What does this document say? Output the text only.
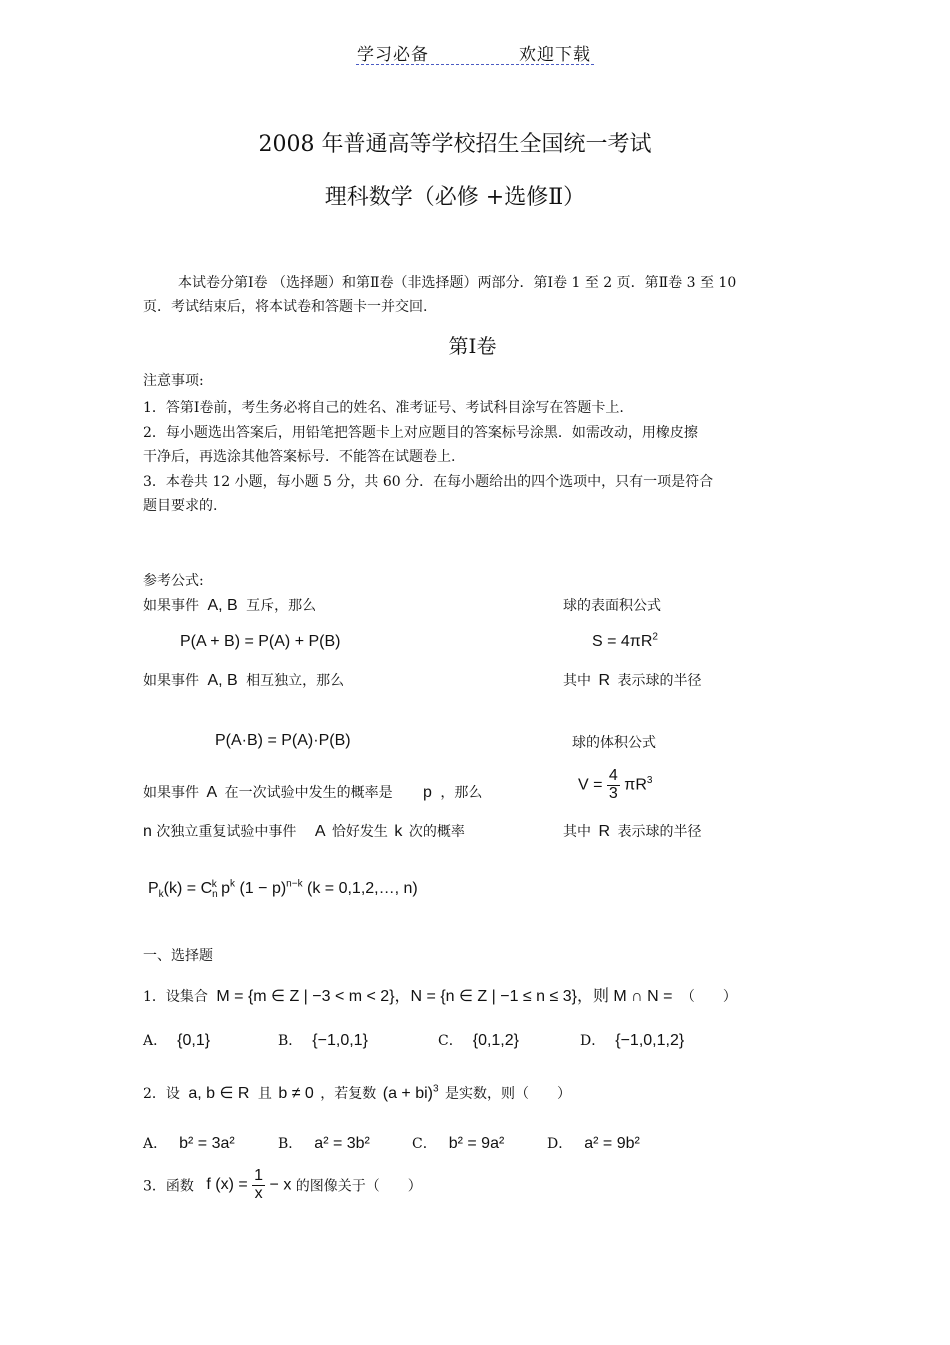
学习必备	欢迎下载
2008 年普通高等学校招生全国统一考试
理科数学（必修 +选修Ⅱ）
本试卷分第Ⅰ卷 （选择题）和第Ⅱ卷（非选择题）两部分．第Ⅰ卷 1 至 2 页．第Ⅱ卷 3 至 10
页．考试结束后，将本试卷和答题卡一并交回.
第Ⅰ卷
注意事项:
1．答第Ⅰ卷前，考生务必将自己的姓名、准考证号、考试科目涂写在答题卡上.
2．每小题选出答案后，用铅笔把答题卡上对应题目的答案标号涂黑．如需改动，用橡皮擦
干净后，再选涂其他答案标号．不能答在试题卷上.
3．本卷共 12 小题，每小题 5 分，共 60 分．在每小题给出的四个选项中，只有一项是符合
题目要求的.
参考公式:
如果事件 A, B 互斥，那么	球的表面积公式
P(A + B) = P(A) + P(B)	$S = 4\pi R^2$
如果事件 A, B 相互独立，那么	其中 R 表示球的半径
P(A·B) = P(A)·P(B)	球的体积公式
如果事件 A 在一次试验中发生的概率是 p ，那么	$V = \frac{4}{3} \pi R^3$
n 次独立重复试验中事件 A 恰好发生 k 次的概率	其中 R 表示球的半径
$P_k(k) = C_n^k$ $p^k$ $(1 - p)^{n-k}$ (k = 0,1,2,…, n)
一、选择题
1．设集合 M = {m ∈ Z | −3 < m < 2}，N = {n ∈ Z | −1 ≤ n ≤ 3}，则 M ∩ N = （　　）
A． {0,1}	B． {−1,0,1}	C． {0,1,2}	D． {−1,0,1,2}
2．设 a, b ∈ R 且 b ≠ 0 ，若复数 (a + bi)$^3$ 是实数，则（　　）
A． b² = 3a²	B． a² = 3b²	C． b² = 9a²	D． a² = 9b²
3．函数 f $(x) = \frac{1}{x} - x$ 的图像关于（　　）
